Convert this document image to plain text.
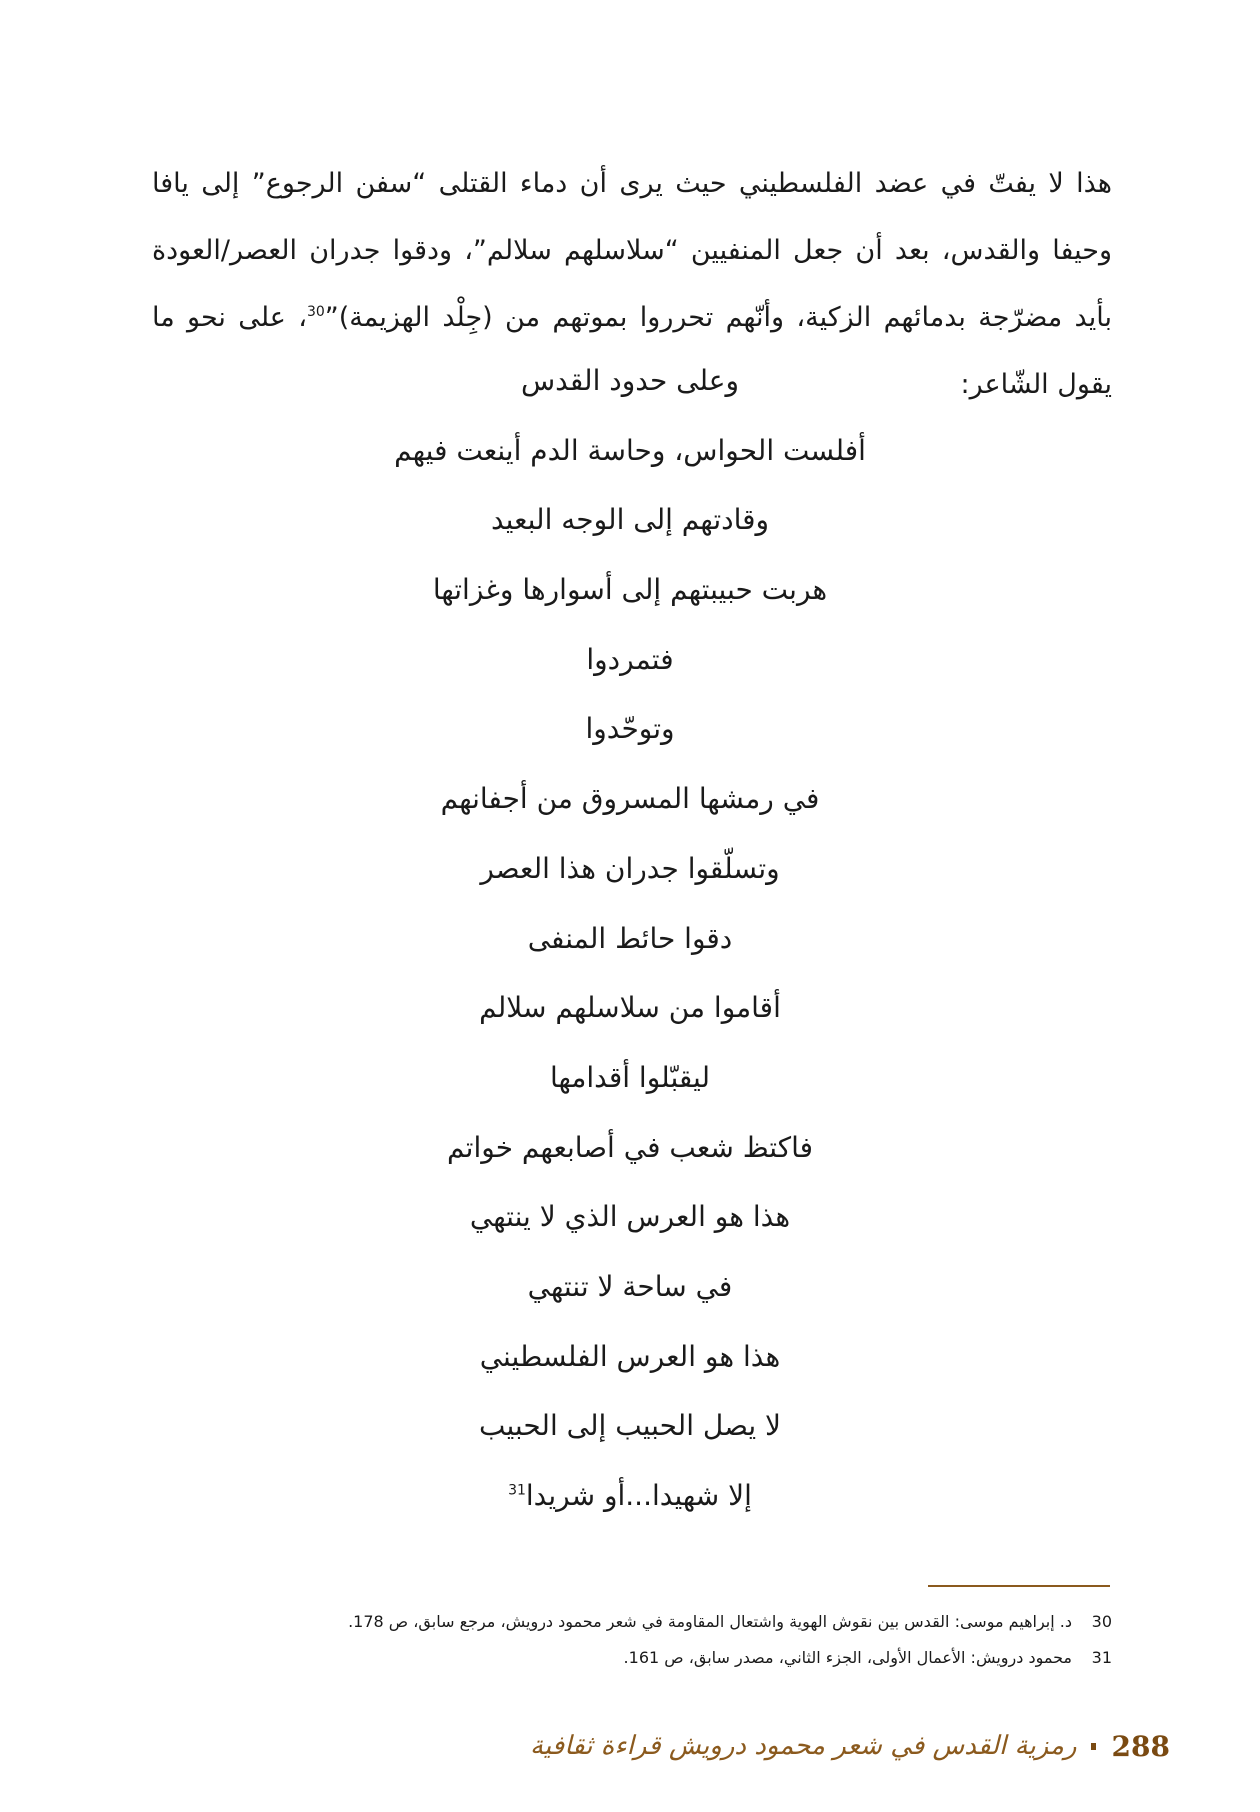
هذا لا يفتّ في عضد الفلسطيني حيث يرى أن دماء القتلى “سفن الرجوع” إلى يافا وحيفا والقدس، بعد أن جعل المنفيين “سلاسلهم سلالم”، ودقوا جدران العصر/العودة بأيد مضرّجة بدمائهم الزكية، وأنّهم تحرروا بموتهم من (جِلْد الهزيمة)”$^{30}$، على نحو ما يقول الشّاعر:

وعلى حدود القدس
أفلست الحواس، وحاسة الدم أينعت فيهم
وقادتهم إلى الوجه البعيد
هربت حبيبتهم إلى أسوارها وغزاتها
فتمردوا
وتوحّدوا
في رمشها المسروق من أجفانهم
وتسلّقوا جدران هذا العصر
دقوا حائط المنفى
أقاموا من سلاسلهم سلالم
ليقبّلوا أقدامها
فاكتظ شعب في أصابعهم خواتم
هذا هو العرس الذي لا ينتهي
في ساحة لا تنتهي
هذا هو العرس الفلسطيني
لا يصل الحبيب إلى الحبيب
إلا شهيدا...أو شريدا$^{31}$
30
د. إبراهيم موسى: القدس بين نقوش الهوية واشتعال المقاومة في شعر محمود درويش، مرجع سابق، ص 178.
31
محمود درويش: الأعمال الأولى، الجزء الثاني، مصدر سابق، ص 161.
رمزية القدس في شعر محمود درويش قراءة ثقافية 288
